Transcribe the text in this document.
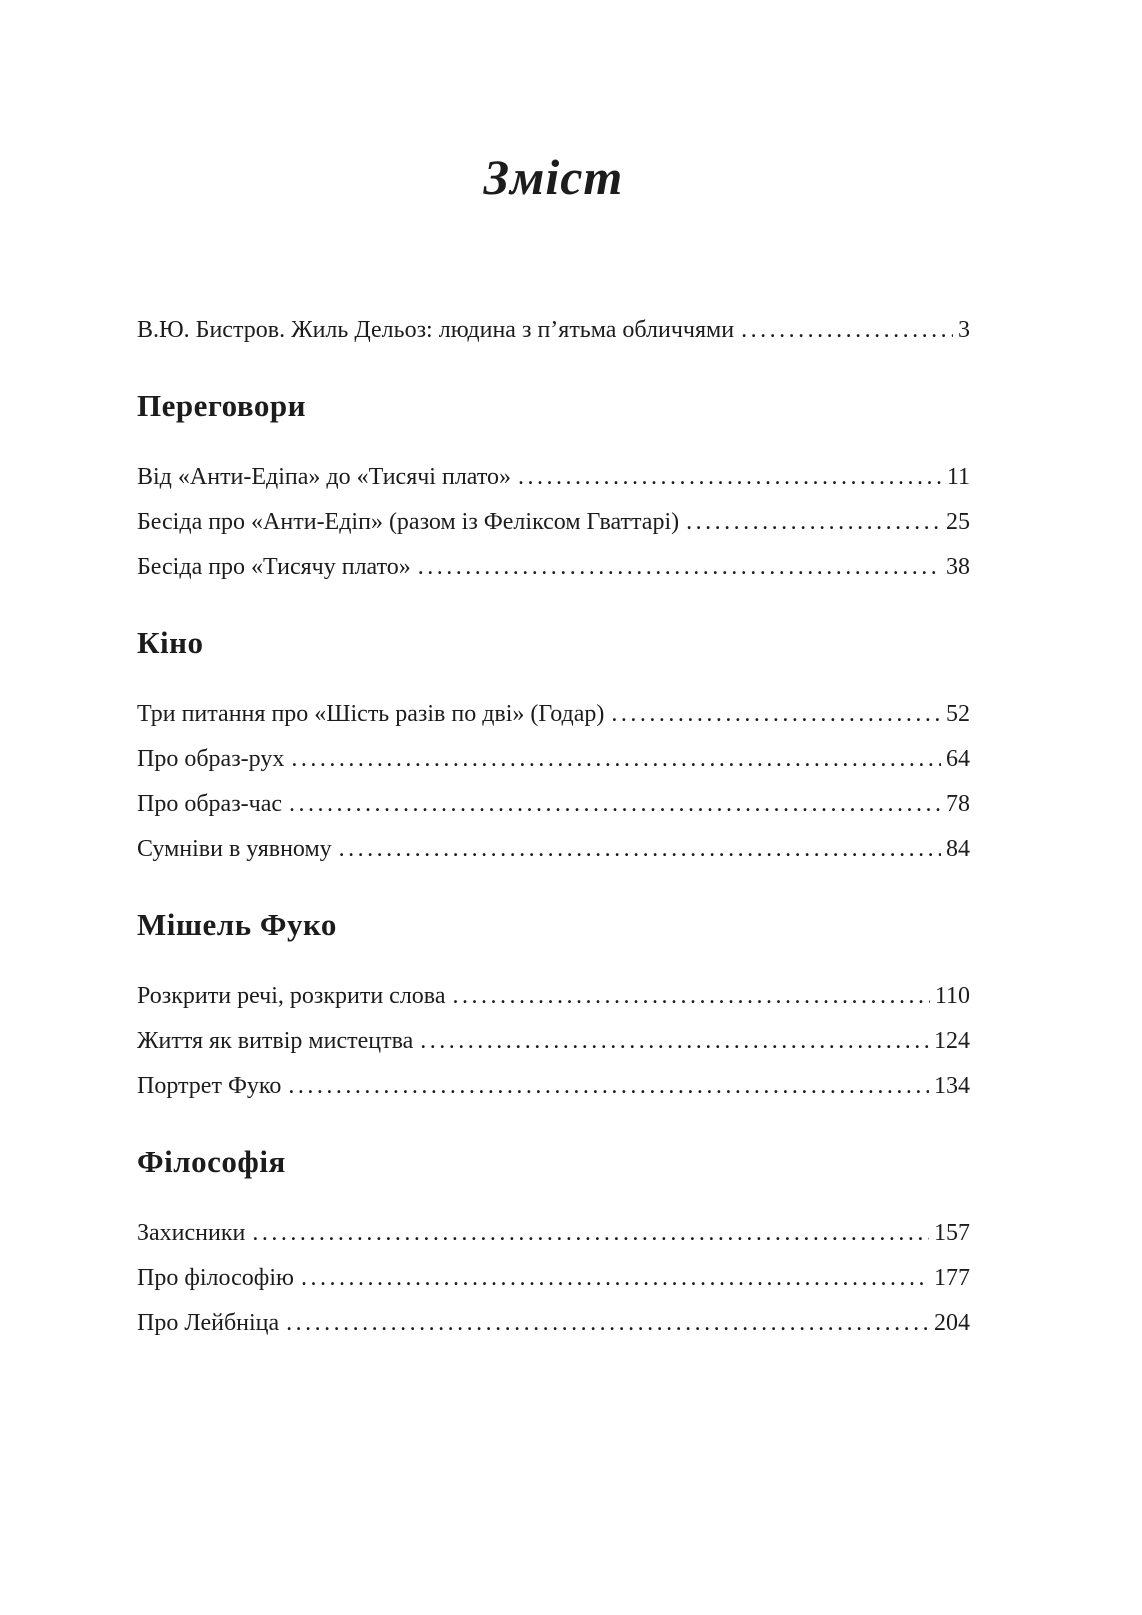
Зміст
В.Ю. Бистров. Жиль Дельоз: людина з п’ятьма обличчями .....	3
Переговори
Від «Анти-Едіпа» до «Тисячі плато» .....	11
Бесіда про «Анти-Едіп» (разом із Феліксом Гваттарі) .....	25
Бесіда про «Тисячу плато» .....	38
Кіно
Три питання про «Шість разів по дві» (Годар) .....	52
Про образ-рух .....	64
Про образ-час .....	78
Сумніви в уявному .....	84
Мішель Фуко
Розкрити речі, розкрити слова .....	110
Життя як витвір мистецтва .....	124
Портрет Фуко .....	134
Філософія
Захисники .....	157
Про філософію .....	177
Про Лейбніца .....	204
